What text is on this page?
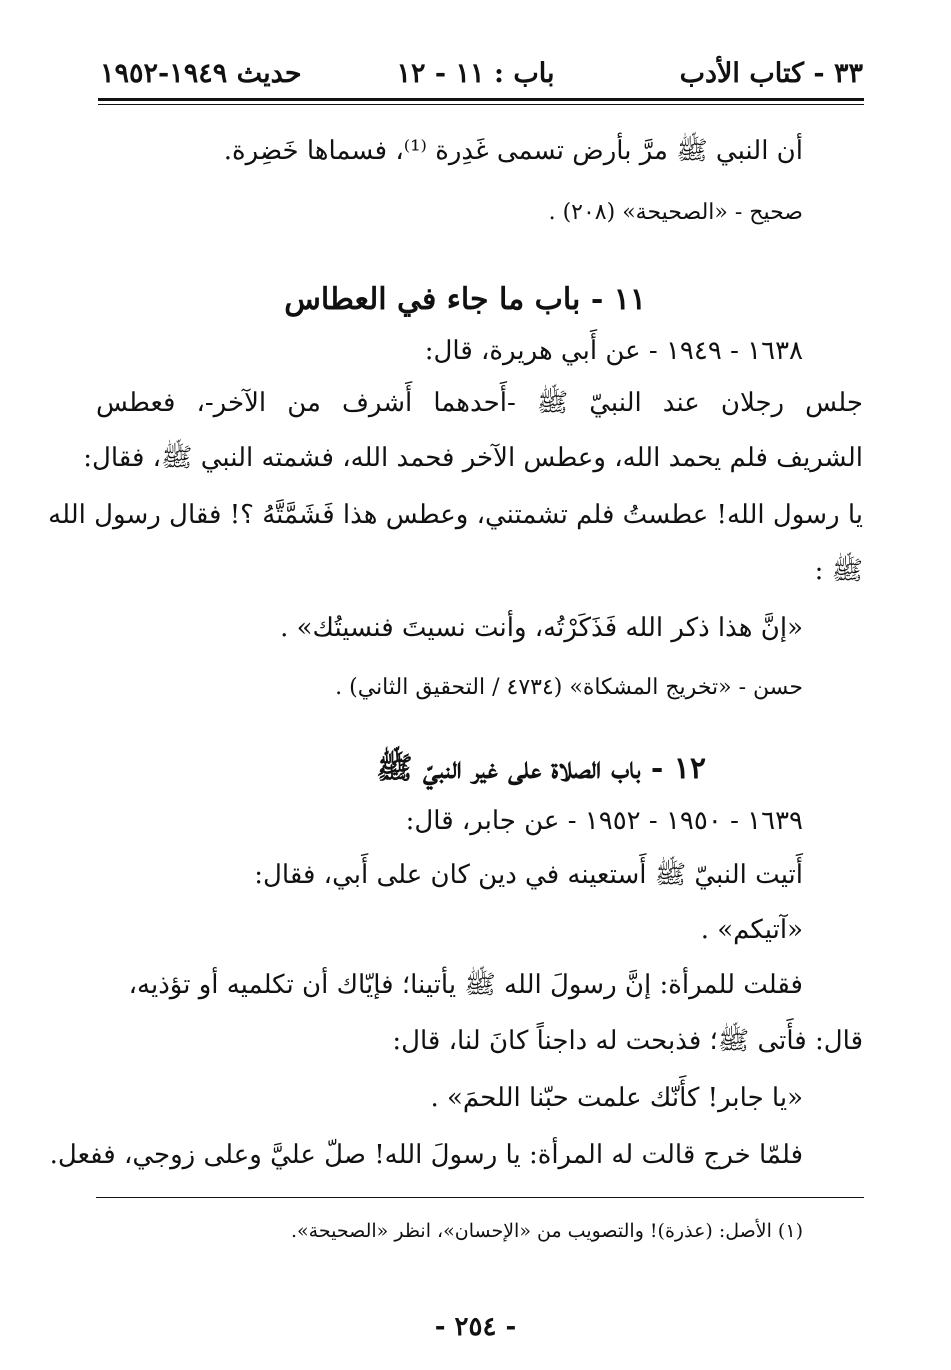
٣٣ - كتاب الأدب
باب : ١١ - ١٢
حديث ١٩٤٩-١٩٥٢
أن النبي ﷺ مرَّ بأرض تسمى غَدِرة ⁽¹⁾، فسماها خَضِرة.
صحيح - «الصحيحة» (٢٠٨) .
١١ - باب ما جاء في العطاس
١٦٣٨ - ١٩٤٩ - عن أَبي هريرة، قال:
جلس رجلان عند النبيّ ﷺ -أَحدهما أَشرف من الآخر-، فعطس
الشريف فلم يحمد الله، وعطس الآخر فحمد الله، فشمته النبي ﷺ، فقال:
يا رسول الله! عطستُ فلم تشمتني، وعطس هذا فَشَمَّتَّهُ ؟! فقال رسول الله
ﷺ :
«إنَّ هذا ذكر الله فَذَكَرْتُه، وأنت نسيتَ فنسيتُك» .
حسن - «تخريج المشكاة» (٤٧٣٤ / التحقيق الثاني) .
١٢ - باب الصلاة على غير النبيّ ﷺ
١٦٣٩ - ١٩٥٠ - ١٩٥٢ - عن جابر، قال:
أَتيت النبيّ ﷺ أَستعينه في دين كان على أَبي، فقال:
«آتيكم» .
فقلت للمرأة: إنَّ رسولَ الله ﷺ يأتينا؛ فإيّاك أن تكلميه أو تؤذيه،
قال: فأَتى ﷺ؛ فذبحت له داجناً كانَ لنا، قال:
«يا جابر! كأَنّك علمت حبّنا اللحمَ» .
فلمّا خرج قالت له المرأة: يا رسولَ الله! صلّ عليَّ وعلى زوجي، ففعل.
(١) الأصل: (عذرة)! والتصويب من «الإحسان»، انظر «الصحيحة».
- ٢٥٤ -
